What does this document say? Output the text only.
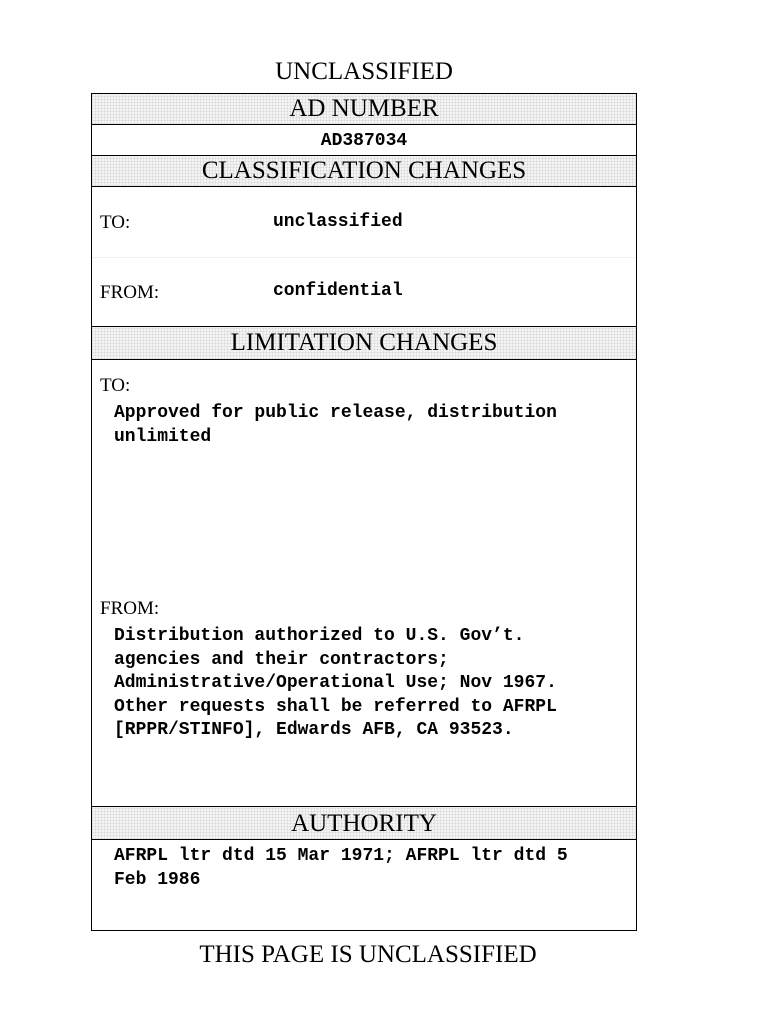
UNCLASSIFIED
AD NUMBER
AD387034
CLASSIFICATION CHANGES
TO:	unclassified
FROM:	confidential
LIMITATION CHANGES
TO:
Approved for public release, distribution
unlimited
FROM:
Distribution authorized to U.S. Gov’t.
agencies and their contractors;
Administrative/Operational Use; Nov 1967.
Other requests shall be referred to AFRPL
[RPPR/STINFO], Edwards AFB, CA 93523.
AUTHORITY
AFRPL ltr dtd 15 Mar 1971; AFRPL ltr dtd 5
Feb 1986
THIS PAGE IS UNCLASSIFIED
